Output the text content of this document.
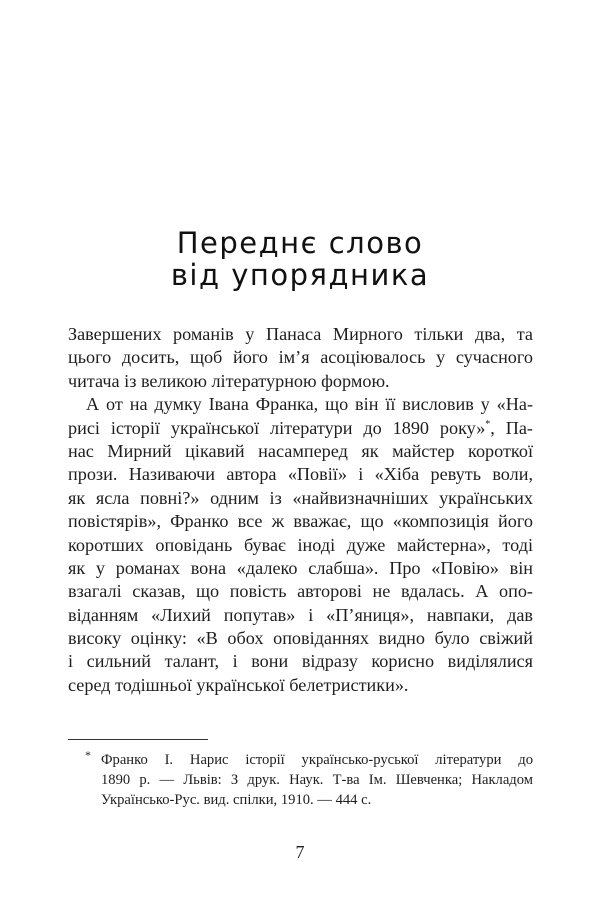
Переднє слово
від упорядника
Завершених романів у Панаса Мирного тільки два, та
цього досить, щоб його ім’я асоціювалось у сучасного
читача із великою літературною формою.
А от на думку Івана Франка, що він її висловив у «На-
рисі історії української літератури до 1890 року»*, Па-
нас Мирний цікавий насамперед як майстер короткої
прози. Називаючи автора «Повії» і «Хіба ревуть воли,
як ясла повні?» одним із «найвизначніших українських
повістярів», Франко все ж вважає, що «композиція його
коротших оповідань буває іноді дуже майстерна», тоді
як у романах вона «далеко слабша». Про «Повію» він
взагалі сказав, що повість авторові не вдалась. А опо-
віданням «Лихий попутав» і «П’яниця», навпаки, дав
високу оцінку: «В обох оповіданнях видно було свіжий
і сильний талант, і вони відразу корисно виділялися
серед тодішньої української белетристики».
* Франко І. Нарис історії українсько-руської літератури до
1890 р. — Львів: З друк. Наук. Т-ва Ім. Шевченка; Накладом
Українсько-Рус. вид. спілки, 1910. — 444 с.
7
